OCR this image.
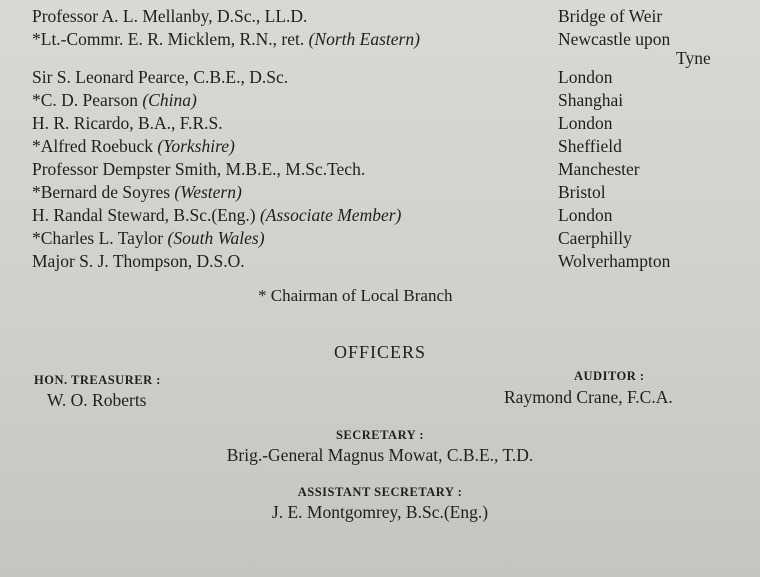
Professor A. L. Mellanby, D.Sc., LL.D.	Bridge of Weir
*Lt.-Commr. E. R. Micklem, R.N., ret. (North Eastern)	Newcastle upon
Tyne
Sir S. Leonard Pearce, C.B.E., D.Sc.	London
*C. D. Pearson (China)	Shanghai
H. R. Ricardo, B.A., F.R.S.	London
*Alfred Roebuck (Yorkshire)	Sheffield
Professor Dempster Smith, M.B.E., M.Sc.Tech.	Manchester
*Bernard de Soyres (Western)	Bristol
H. Randal Steward, B.Sc.(Eng.) (Associate Member)	London
*Charles L. Taylor (South Wales)	Caerphilly
Major S. J. Thompson, D.S.O.	Wolverhampton
* Chairman of Local Branch
OFFICERS
HON. TREASURER :
W. O. Roberts
AUDITOR :
Raymond Crane, F.C.A.
SECRETARY :
Brig.-General Magnus Mowat, C.B.E., T.D.
ASSISTANT SECRETARY :
J. E. Montgomrey, B.Sc.(Eng.)
